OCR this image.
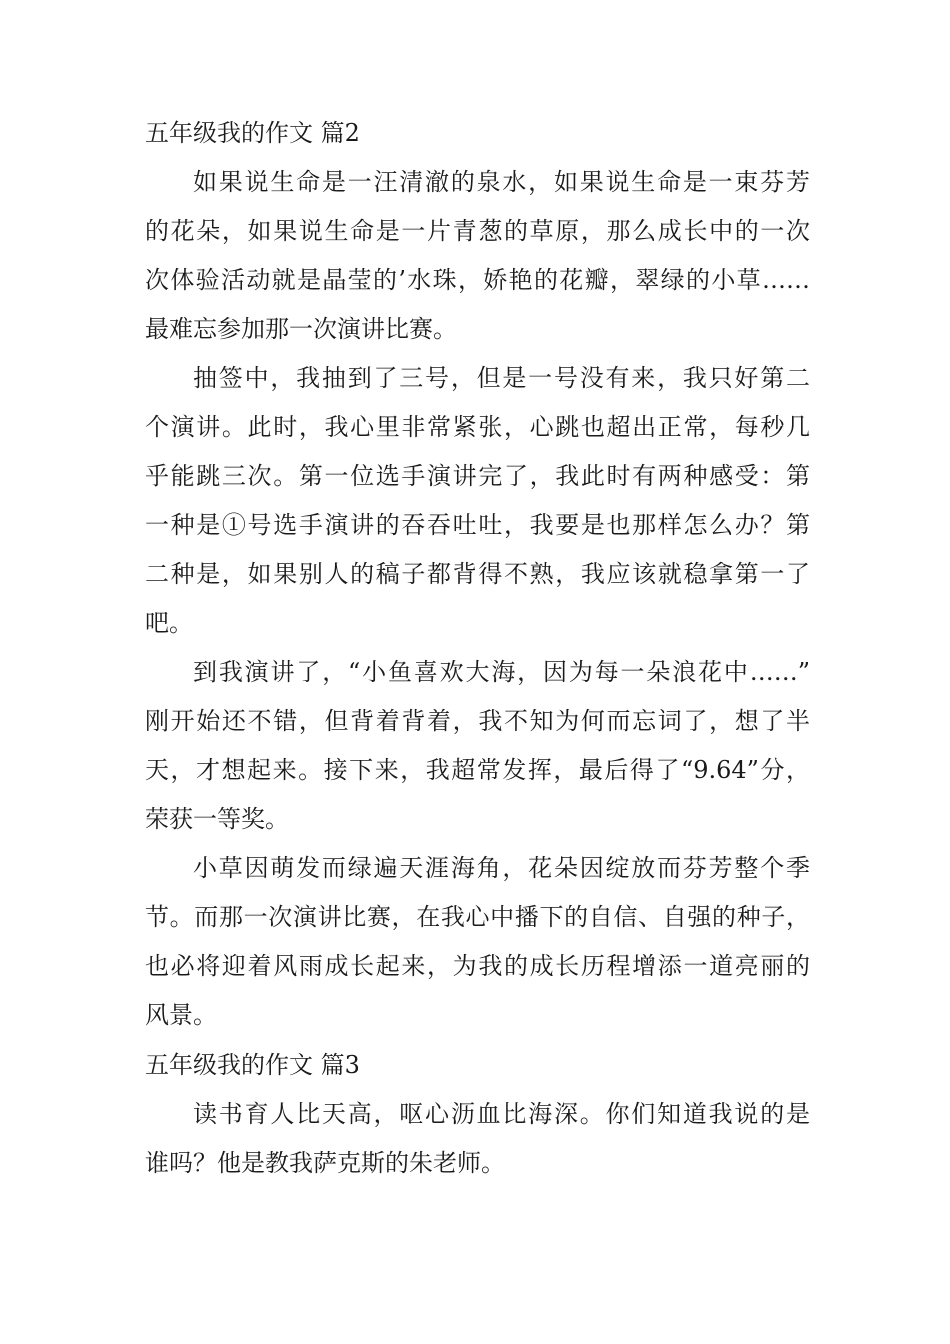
五年级我的作文 篇2

如果说生命是一汪清澈的泉水，如果说生命是一束芬芳
的花朵，如果说生命是一片青葱的草原，那么成长中的一次
次体验活动就是晶莹的’水珠，娇艳的花瓣，翠绿的小草……
最难忘参加那一次演讲比赛。

抽签中，我抽到了三号，但是一号没有来，我只好第二
个演讲。此时，我心里非常紧张，心跳也超出正常，每秒几
乎能跳三次。第一位选手演讲完了，我此时有两种感受：第
一种是①号选手演讲的吞吞吐吐，我要是也那样怎么办？第
二种是，如果别人的稿子都背得不熟，我应该就稳拿第一了
吧。

到我演讲了，“小鱼喜欢大海，因为每一朵浪花中……”
刚开始还不错，但背着背着，我不知为何而忘词了，想了半
天，才想起来。接下来，我超常发挥，最后得了“9.64”分，
荣获一等奖。

小草因萌发而绿遍天涯海角，花朵因绽放而芬芳整个季
节。而那一次演讲比赛，在我心中播下的自信、自强的种子，
也必将迎着风雨成长起来，为我的成长历程增添一道亮丽的
风景。

五年级我的作文 篇3

读书育人比天高，呕心沥血比海深。你们知道我说的是
谁吗？他是教我萨克斯的朱老师。
